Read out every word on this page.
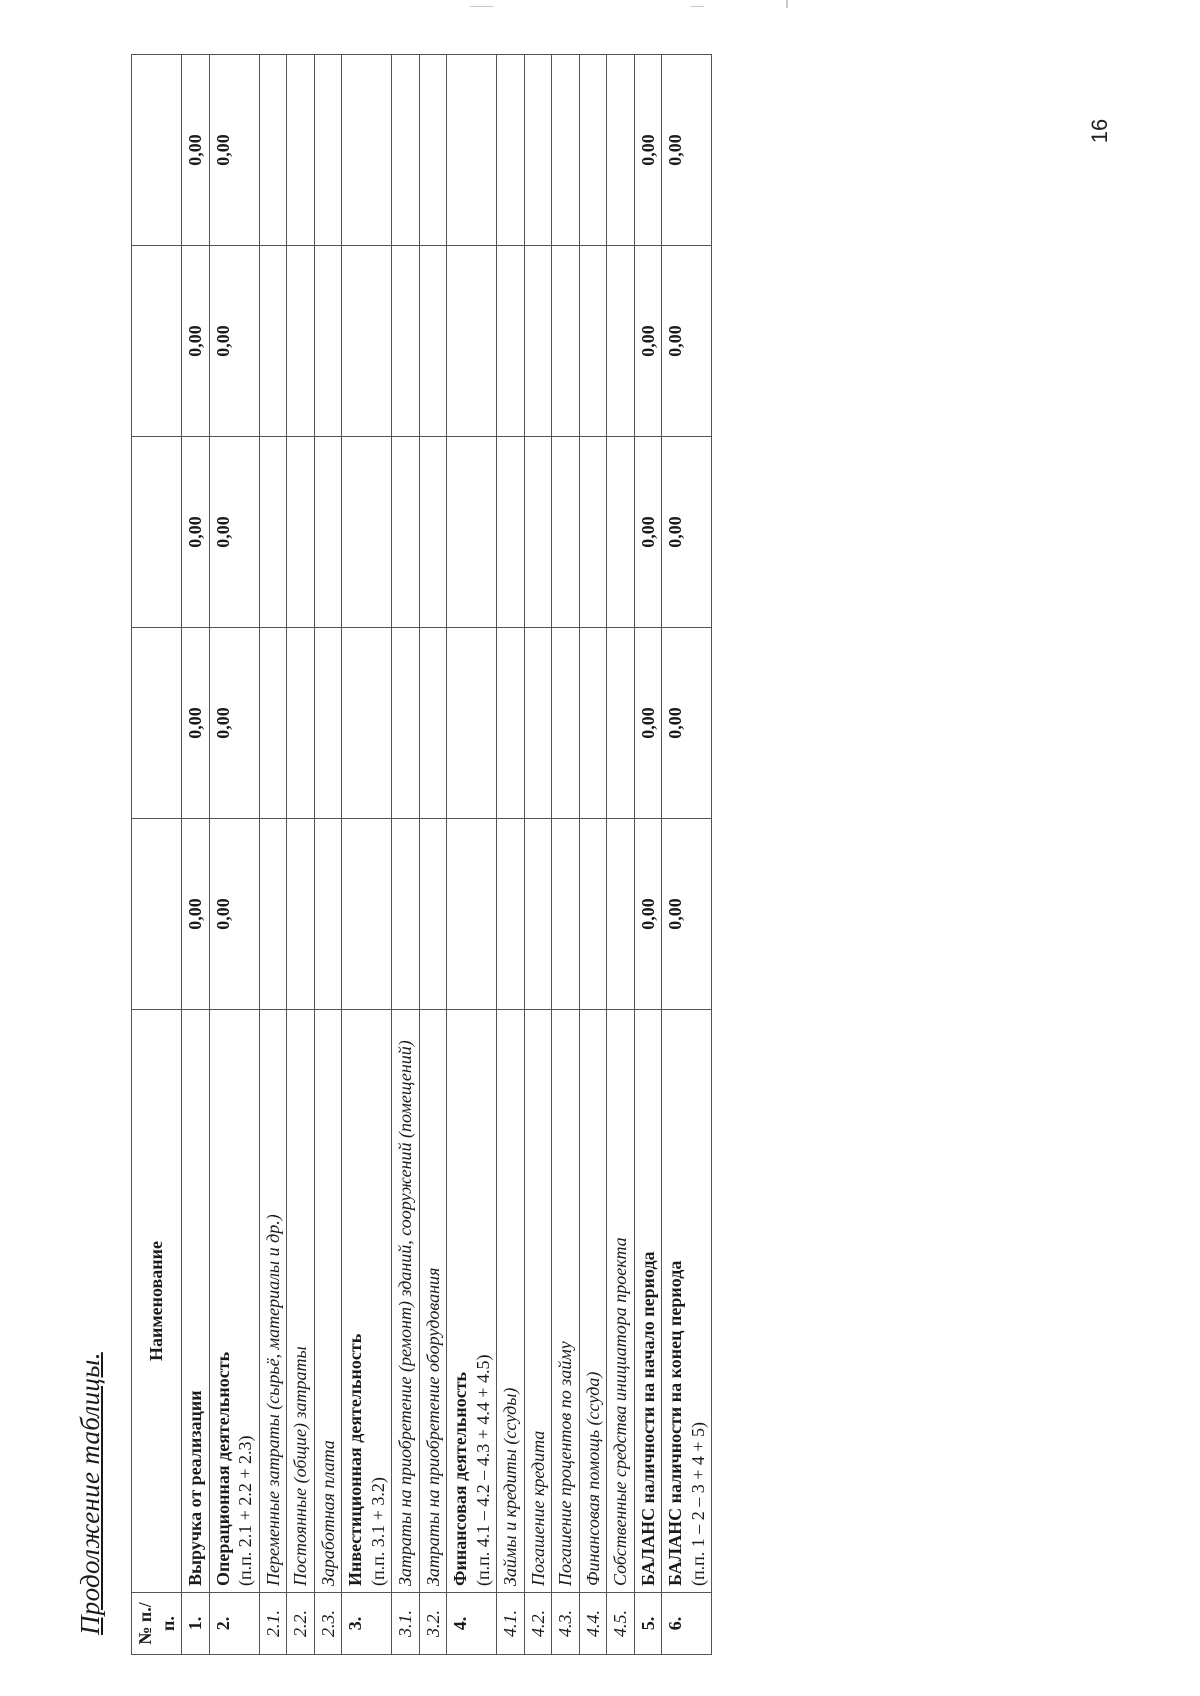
16
Продолжение таблицы. № п./п.	Наименование					
1.	Выручка от реализации	0,00	0,00	0,00	0,00	0,00
2.	Операционная деятельность (п.п. 2.1 + 2.2 + 2.3)	0,00	0,00	0,00	0,00	0,00
2.1.	Переменные затраты (сырьё, материалы и др.)					
2.2.	Постоянные (общие) затраты					
2.3.	Заработная плата					
3.	Инвестиционная деятельность (п.п. 3.1 + 3.2)					

3.1.	Затраты на приобретение (ремонт) зданий, сооружений (помещений)					
3.2.	Затраты на приобретение оборудования					
4.	Финансовая деятельность (п.п. 4.1 – 4.2 – 4.3 + 4.4 + 4.5)					

4.1.	Займы и кредиты (ссуды)					
4.2.	Погашение кредита					
4.3.	Погашение процентов по займу					
4.4.	Финансовая помощь (ссуда)					
4.5.	Собственные средства инициатора проекта					
5.	БАЛАНС наличности на начало периода	0,00	0,00	0,00	0,00	0,00
6.	БАЛАНС наличности на конец периода (п.п. 1 – 2 – 3 + 4 + 5)	0,00	0,00	0,00	0,00	0,00
